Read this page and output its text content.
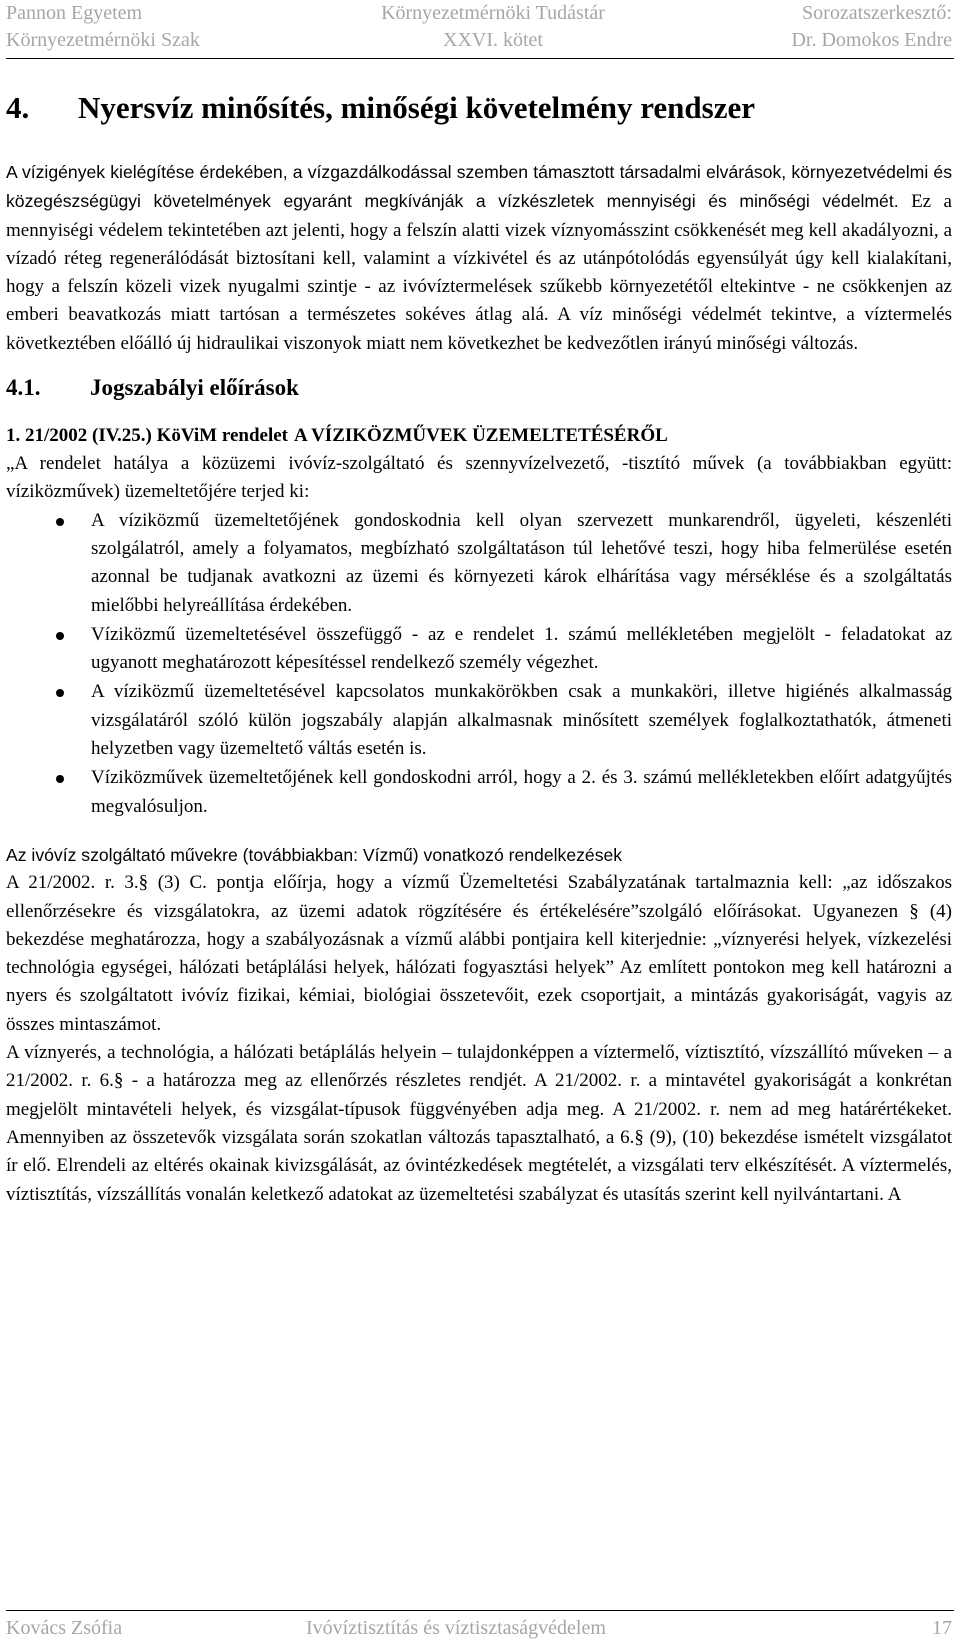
Pannon Egyetem
Környezetmérnöki Szak
Környezetmérnöki Tudástár
XXVI. kötet
Sorozatszerkesztő:
Dr. Domokos Endre
4. Nyersvíz minősítés, minőségi követelmény rendszer

A vízigények kielégítése érdekében, a vízgazdálkodással szemben támasztott társadalmi elvárások, környezetvédelmi és közegészségügyi követelmények egyaránt megkívánják a vízkészletek mennyiségi és minőségi védelmét. Ez a mennyiségi védelem tekintetében azt jelenti, hogy a felszín alatti vizek víznyomásszint csökkenését meg kell akadályozni, a vízadó réteg regenerálódását biztosítani kell, valamint a vízkivétel és az utánpótolódás egyensúlyát úgy kell kialakítani, hogy a felszín közeli vizek nyugalmi szintje - az ivóvíztermelések szűkebb környezetétől eltekintve - ne csökkenjen az emberi beavatkozás miatt tartósan a természetes sokéves átlag alá. A víz minőségi védelmét tekintve, a víztermelés következtében előálló új hidraulikai viszonyok miatt nem következhet be kedvezőtlen irányú minőségi változás.

4.1. Jogszabályi előírások
1. 21/2002 (IV.25.) KöViM rendelet A VÍZIKÖZMŰVEK ÜZEMELTETÉSÉRŐL

„A rendelet hatálya a közüzemi ivóvíz-szolgáltató és szennyvízelvezető, -tisztító művek (a továbbiakban együtt: víziközművek) üzemeltetőjére terjed ki:

A víziközmű üzemeltetőjének gondoskodnia kell olyan szervezett munkarendről, ügyeleti, készenléti szolgálatról, amely a folyamatos, megbízható szolgáltatáson túl lehetővé teszi, hogy hiba felmerülése esetén azonnal be tudjanak avatkozni az üzemi és környezeti károk elhárítása vagy mérséklése és a szolgáltatás mielőbbi helyreállítása érdekében.
Víziközmű üzemeltetésével összefüggő - az e rendelet 1. számú mellékletében megjelölt - feladatokat az ugyanott meghatározott képesítéssel rendelkező személy végezhet.
A víziközmű üzemeltetésével kapcsolatos munkakörökben csak a munkaköri, illetve higiénés alkalmasság vizsgálatáról szóló külön jogszabály alapján alkalmasnak minősített személyek foglalkoztathatók, átmeneti helyzetben vagy üzemeltető váltás esetén is.
Víziközművek üzemeltetőjének kell gondoskodni arról, hogy a 2. és 3. számú mellékletekben előírt adatgyűjtés megvalósuljon.

Az ivóvíz szolgáltató művekre (továbbiakban: Vízmű) vonatkozó rendelkezések

A 21/2002. r. 3.§ (3) C. pontja előírja, hogy a vízmű Üzemeltetési Szabályzatának tartalmaznia kell: „az időszakos ellenőrzésekre és vizsgálatokra, az üzemi adatok rögzítésére és értékelésére”szolgáló előírásokat. Ugyanezen § (4) bekezdése meghatározza, hogy a szabályozásnak a vízmű alábbi pontjaira kell kiterjednie: „víznyerési helyek, vízkezelési technológia egységei, hálózati betáplálási helyek, hálózati fogyasztási helyek” Az említett pontokon meg kell határozni a nyers és szolgáltatott ivóvíz fizikai, kémiai, biológiai összetevőit, ezek csoportjait, a mintázás gyakoriságát, vagyis az összes mintaszámot.

A víznyerés, a technológia, a hálózati betáplálás helyein – tulajdonképpen a víztermelő, víztisztító, vízszállító műveken – a 21/2002. r. 6.§ - a határozza meg az ellenőrzés részletes rendjét. A 21/2002. r. a mintavétel gyakoriságát a konkrétan megjelölt mintavételi helyek, és vizsgálat-típusok függvényében adja meg. A 21/2002. r. nem ad meg határértékeket. Amennyiben az összetevők vizsgálata során szokatlan változás tapasztalható, a 6.§ (9), (10) bekezdése ismételt vizsgálatot ír elő. Elrendeli az eltérés okainak kivizsgálását, az óvintézkedések megtételét, a vizsgálati terv elkészítését. A víztermelés, víztisztítás, vízszállítás vonalán keletkező adatokat az üzemeltetési szabályzat és utasítás szerint kell nyilvántartani. A

Kovács Zsófia	Ivóvíztisztítás és víztisztaságvédelem	17
